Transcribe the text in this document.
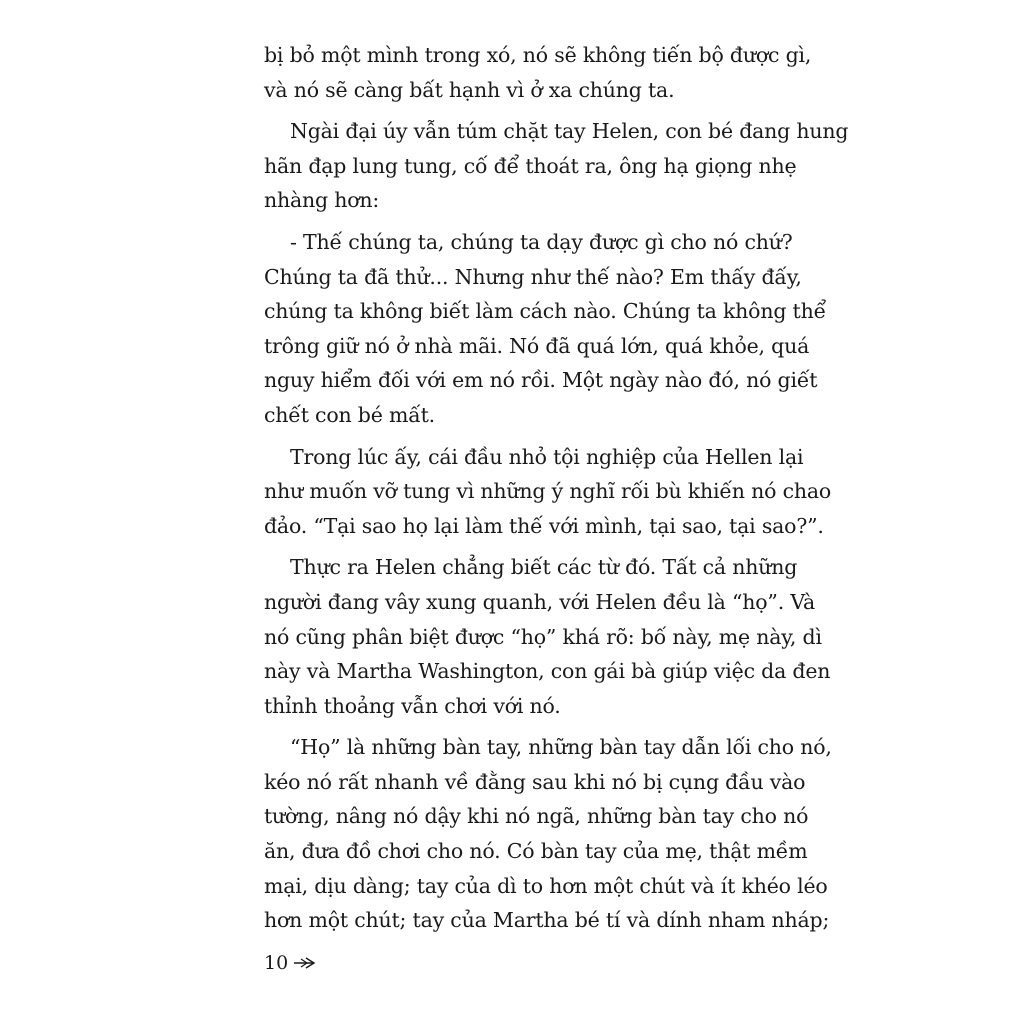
bị bỏ một mình trong xó, nó sẽ không tiến bộ được gì,
và nó sẽ càng bất hạnh vì ở xa chúng ta.
Ngài đại úy vẫn túm chặt tay Helen, con bé đang hung
hãn đạp lung tung, cố để thoát ra, ông hạ giọng nhẹ
nhàng hơn:
- Thế chúng ta, chúng ta dạy được gì cho nó chứ?
Chúng ta đã thử... Nhưng như thế nào? Em thấy đấy,
chúng ta không biết làm cách nào. Chúng ta không thể
trông giữ nó ở nhà mãi. Nó đã quá lớn, quá khỏe, quá
nguy hiểm đối với em nó rồi. Một ngày nào đó, nó giết
chết con bé mất.
Trong lúc ấy, cái đầu nhỏ tội nghiệp của Hellen lại
như muốn vỡ tung vì những ý nghĩ rối bù khiến nó chao
đảo. “Tại sao họ lại làm thế với mình, tại sao, tại sao?”.
Thực ra Helen chẳng biết các từ đó. Tất cả những
người đang vây xung quanh, với Helen đều là “họ”. Và
nó cũng phân biệt được “họ” khá rõ: bố này, mẹ này, dì
này và Martha Washington, con gái bà giúp việc da đen
thỉnh thoảng vẫn chơi với nó.
“Họ” là những bàn tay, những bàn tay dẫn lối cho nó,
kéo nó rất nhanh về đằng sau khi nó bị cụng đầu vào
tường, nâng nó dậy khi nó ngã, những bàn tay cho nó
ăn, đưa đồ chơi cho nó. Có bàn tay của mẹ, thật mềm
mại, dịu dàng; tay của dì to hơn một chút và ít khéo léo
hơn một chút; tay của Martha bé tí và dính nham nháp;
10
